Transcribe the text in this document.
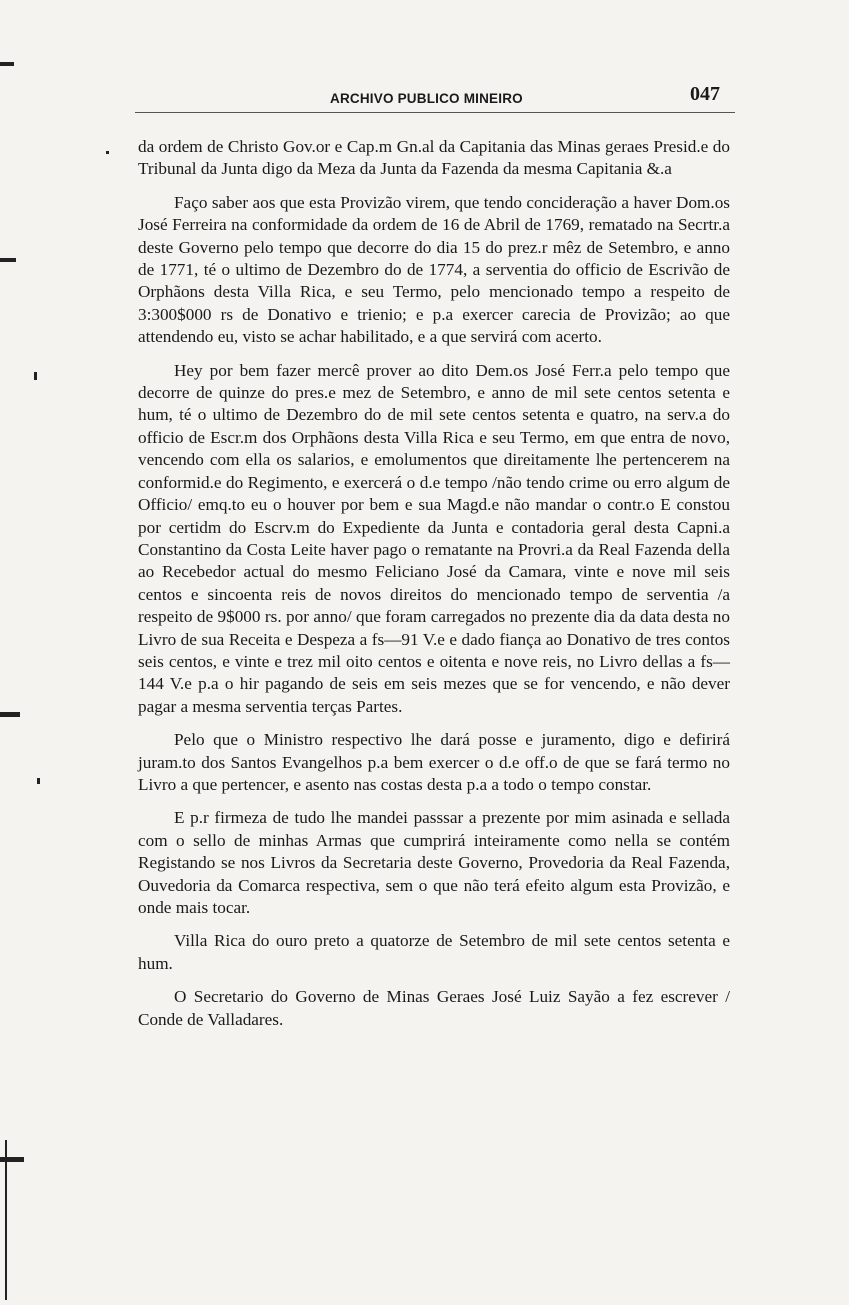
ARCHIVO PUBLICO MINEIRO	047

da ordem de Christo Gov.or e Cap.m Gn.al da Capitania das Minas geraes Presid.e do Tribunal da Junta digo da Meza da Junta da Fazenda da mesma Capitania &.a

Faço saber aos que esta Provizão virem, que tendo concideração a haver Dom.os José Ferreira na conformidade da ordem de 16 de Abril de 1769, rematado na Secrtr.a deste Governo pelo tempo que decorre do dia 15 do prez.r mêz de Setembro, e anno de 1771, té o ultimo de Dezembro do de 1774, a serventia do officio de Escrivão de Orphãons desta Villa Rica, e seu Termo, pelo mencionado tempo a respeito de 3:300$000 rs de Donativo e trienio; e p.a exercer carecia de Provizão; ao que attendendo eu, visto se achar habilitado, e a que servirá com acerto.

Hey por bem fazer mercê prover ao dito Dem.os José Ferr.a pelo tempo que decorre de quinze do pres.e mez de Setembro, e anno de mil sete centos setenta e hum, té o ultimo de Dezembro do de mil sete centos setenta e quatro, na serv.a do officio de Escr.m dos Orphãons desta Villa Rica e seu Termo, em que entra de novo, vencendo com ella os salarios, e emolumentos que direitamente lhe pertencerem na conformid.e do Regimento, e exercerá o d.e tempo /não tendo crime ou erro algum de Officio/ emq.to eu o houver por bem e sua Magd.e não mandar o contr.o E constou por certidm do Escrv.m do Expediente da Junta e contadoria geral desta Capni.a Constantino da Costa Leite haver pago o rematante na Provri.a da Real Fazenda della ao Recebedor actual do mesmo Feliciano José da Camara, vinte e nove mil seis centos e sincoenta reis de novos direitos do mencionado tempo de serventia /a respeito de 9$000 rs. por anno/ que foram carregados no prezente dia da data desta no Livro de sua Receita e Despeza a fs—91 V.e e dado fiança ao Donativo de tres contos seis centos, e vinte e trez mil oito centos e oitenta e nove reis, no Livro dellas a fs—144 V.e p.a o hir pagando de seis em seis mezes que se for vencendo, e não dever pagar a mesma serventia terças Partes.

Pelo que o Ministro respectivo lhe dará posse e juramento, digo e defirirá juram.to dos Santos Evangelhos p.a bem exercer o d.e off.o de que se fará termo no Livro a que pertencer, e asento nas costas desta p.a a todo o tempo constar.

E p.r firmeza de tudo lhe mandei passsar a prezente por mim asinada e sellada com o sello de minhas Armas que cumprirá inteiramente como nella se contém Registando se nos Livros da Secretaria deste Governo, Provedoria da Real Fazenda, Ouvedoria da Comarca respectiva, sem o que não terá efeito algum esta Provizão, e onde mais tocar.

Villa Rica do ouro preto a quatorze de Setembro de mil sete centos setenta e hum.

O Secretario do Governo de Minas Geraes José Luiz Sayão a fez escrever / Conde de Valladares.
